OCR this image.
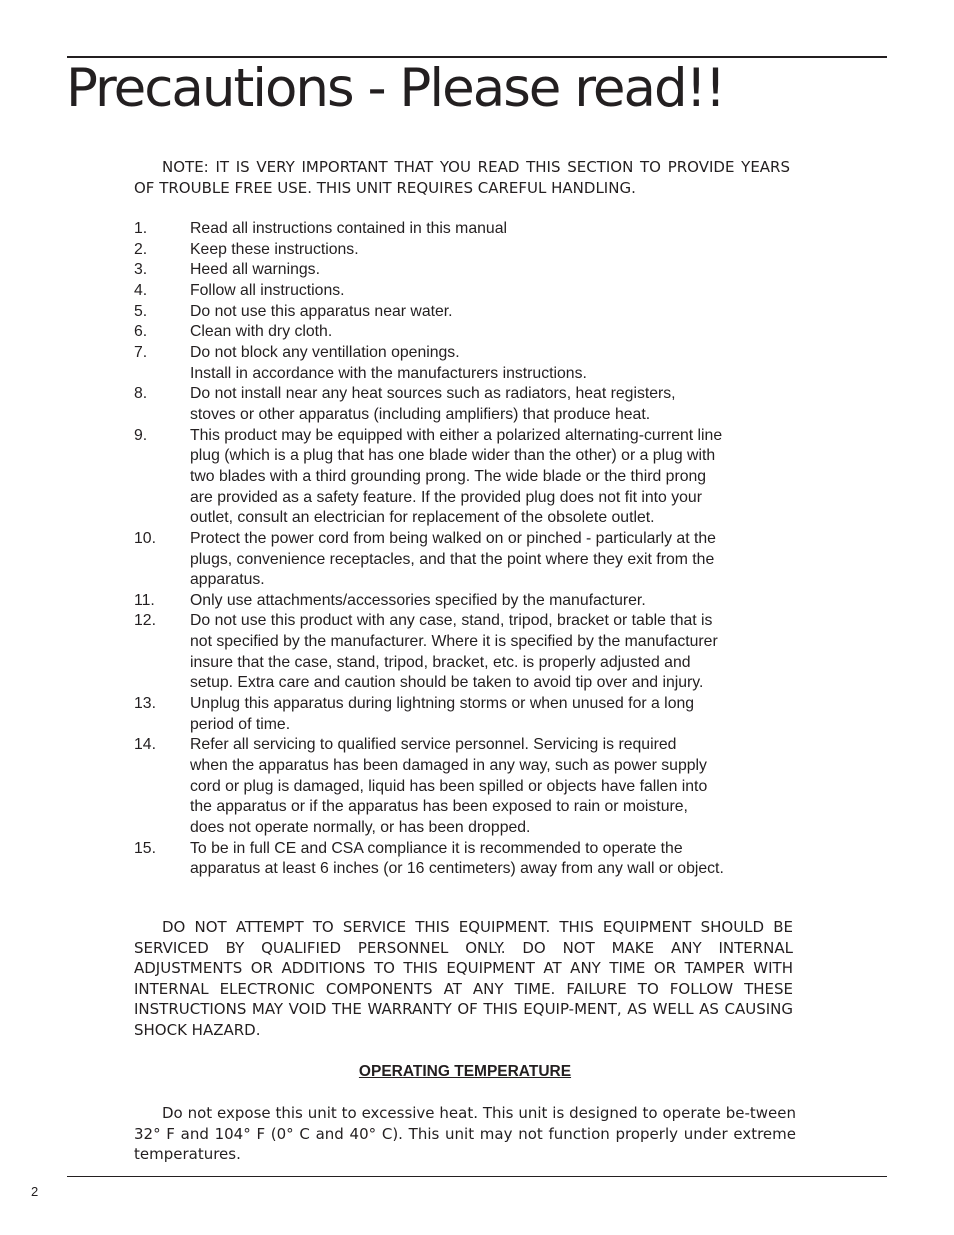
Precautions - Please read!!

NOTE: IT IS VERY IMPORTANT THAT YOU READ THIS SECTION TO PROVIDE YEARS OF TROUBLE FREE USE. THIS UNIT REQUIRES CAREFUL HANDLING.

1.	Read all instructions contained in this manual
2.	Keep these instructions.
3.	Heed all warnings.
4.	Follow all instructions.
5.	Do not use this apparatus near water.
6.	Clean with dry cloth.
7.	Do not block any ventillation openings.
Install in accordance with the manufacturers instructions.
8.	Do not install near any heat sources such as radiators, heat registers,
stoves or other apparatus (including amplifiers) that produce heat.
9.	This product may be equipped with either a polarized alternating-current line
plug (which is a plug that has one blade wider than the other) or a plug with
two blades with a third grounding prong. The wide blade or the third prong
are provided as a safety feature. If the provided plug does not fit into your
outlet, consult an electrician for replacement of the obsolete outlet.
10.	Protect the power cord from being walked on or pinched - particularly at the
plugs, convenience receptacles, and that the point where they exit from the
apparatus.
11.	Only use attachments/accessories specified by the manufacturer.
12.	Do not use this product with any case, stand, tripod, bracket or table that is
not specified by the manufacturer. Where it is specified by the manufacturer
insure that the case, stand, tripod, bracket, etc. is properly adjusted and
setup. Extra care and caution should be taken to avoid tip over and injury.
13.	Unplug this apparatus during lightning storms or when unused for a long
period of time.
14.	Refer all servicing to qualified service personnel. Servicing is required
when the apparatus has been damaged in any way, such as power supply
cord or plug is damaged, liquid has been spilled or objects have fallen into
the apparatus or if the apparatus has been exposed to rain or moisture,
does not operate normally, or has been dropped.
15.	To be in full CE and CSA compliance it is recommended to operate the
apparatus at least 6 inches (or 16 centimeters) away from any wall or object.

DO NOT ATTEMPT TO SERVICE THIS EQUIPMENT. THIS EQUIPMENT SHOULD BE SERVICED BY QUALIFIED PERSONNEL ONLY. DO NOT MAKE ANY INTERNAL ADJUSTMENTS OR ADDITIONS TO THIS EQUIPMENT AT ANY TIME OR TAMPER WITH INTERNAL ELECTRONIC COMPONENTS AT ANY TIME. FAILURE TO FOLLOW THESE INSTRUCTIONS MAY VOID THE WARRANTY OF THIS EQUIP-MENT, AS WELL AS CAUSING SHOCK HAZARD.

OPERATING TEMPERATURE

Do not expose this unit to excessive heat. This unit is designed to operate be-tween 32° F and 104° F (0° C and 40° C). This unit may not function properly under extreme temperatures.

2
